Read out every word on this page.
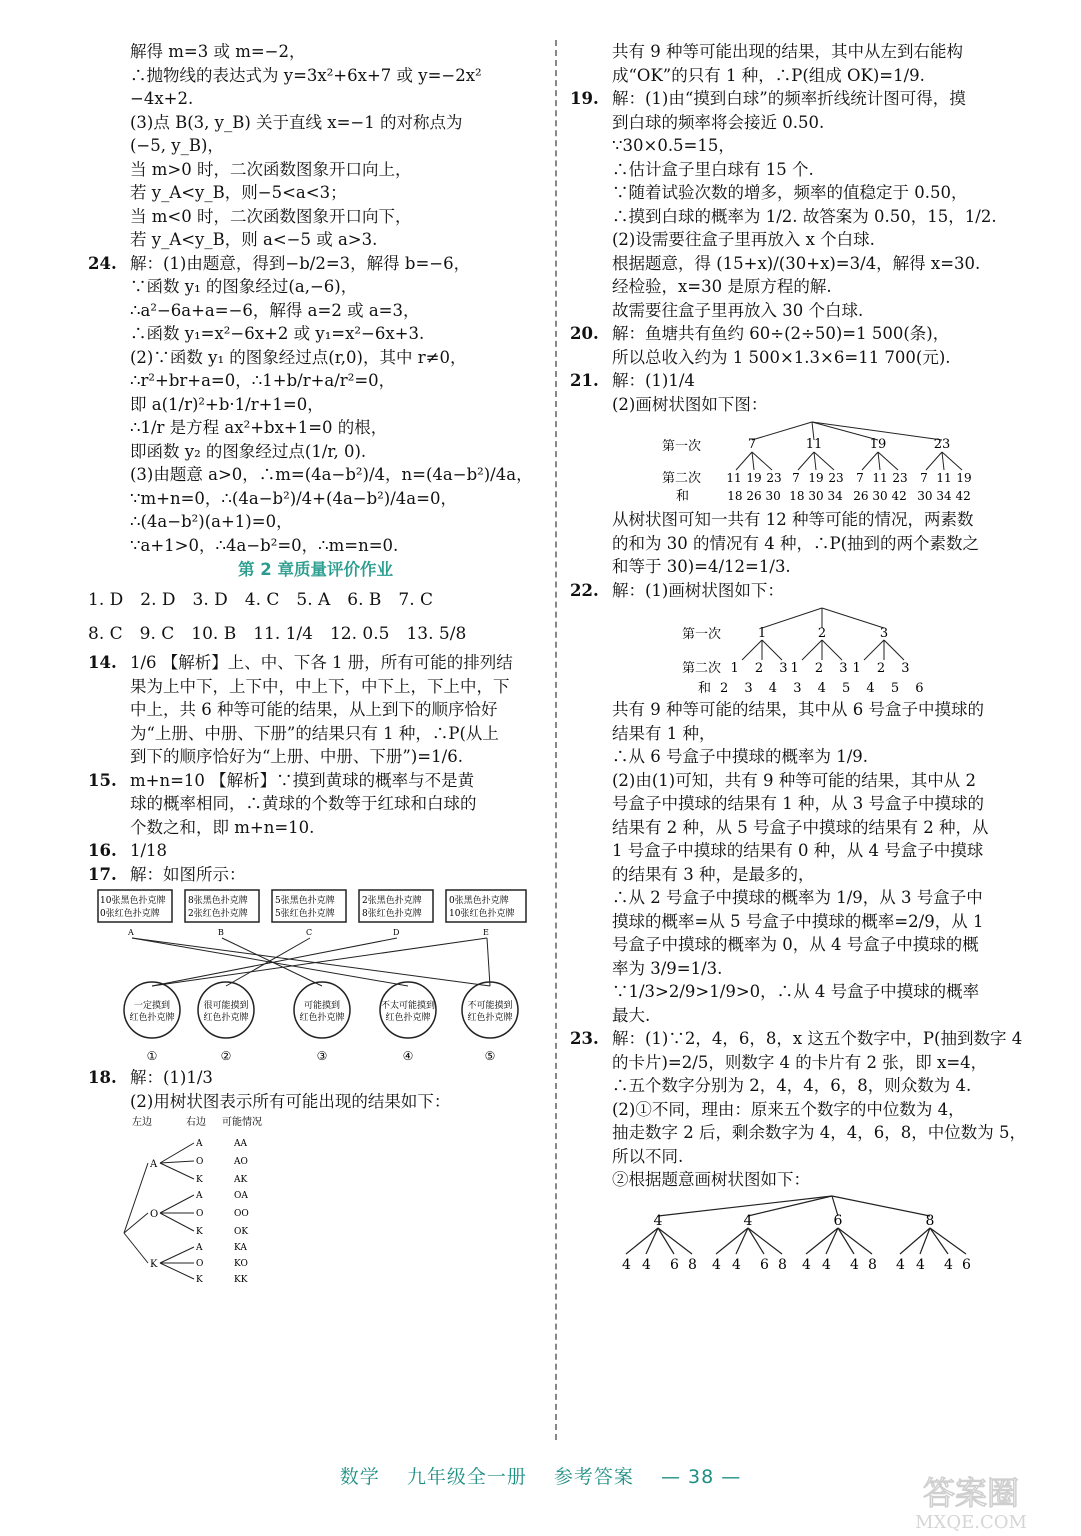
解得 m=3 或 m=−2，
∴抛物线的表达式为 y=3x²+6x+7 或 y=−2x²
−4x+2.
(3)点 B(3, y_B) 关于直线 x=−1 的对称点为
(−5, y_B)，
当 m>0 时，二次函数图象开口向上，
若 y_A<y_B，则−5<a<3；
当 m<0 时，二次函数图象开口向下，
若 y_A<y_B，则 a<−5 或 a>3.
24. 解：(1)由题意，得到−b/2=3，解得 b=−6，
∵函数 y₁ 的图象经过(a,−6)，
∴a²−6a+a=−6，解得 a=2 或 a=3，
∴函数 y₁=x²−6x+2 或 y₁=x²−6x+3.
(2)∵函数 y₁ 的图象经过点(r,0)，其中 r≠0，
∴r²+br+a=0，∴1+b/r+a/r²=0，
即 a(1/r)²+b·1/r+1=0，
∴1/r 是方程 ax²+bx+1=0 的根，
即函数 y₂ 的图象经过点(1/r, 0).
(3)由题意 a>0，∴m=(4a−b²)/4，n=(4a−b²)/4a，
∵m+n=0，∴(4a−b²)/4+(4a−b²)/4a=0，
∴(4a−b²)(a+1)=0，
∵a+1>0，∴4a−b²=0，∴m=n=0.
第 2 章质量评价作业
1. D　2. D　3. D　4. C　5. A　6. B　7. C
8. C　9. C　10. B　11. 1/4　12. 0.5　13. 5/8
14. 1/6 【解析】上、中、下各 1 册，所有可能的排列结
果为上中下，上下中，中上下，中下上，下上中，下
中上，共 6 种等可能的结果，从上到下的顺序恰好
为“上册、中册、下册”的结果只有 1 种，∴P(从上
到下的顺序恰好为“上册、中册、下册”)=1/6.
15. m+n=10 【解析】∵摸到黄球的概率与不是黄
球的概率相同，∴黄球的个数等于红球和白球的
个数之和，即 m+n=10.
16. 1/18
17. 解：如图所示：
10张黑色扑克牌
0张红色扑克牌
8张黑色扑克牌
2张红色扑克牌
5张黑色扑克牌
5张红色扑克牌
2张黑色扑克牌
8张红色扑克牌
0张黑色扑克牌
10张红色扑克牌
A	B	C	D	E
一定摸到
红色扑克牌
很可能摸到
红色扑克牌
可能摸到
红色扑克牌
不太可能摸到
红色扑克牌
不可能摸到
红色扑克牌
①	②	③	④	⑤
18. 解：(1)1/3
(2)用树状图表示所有可能出现的结果如下：
左边	右边 可能情况
A
O
K
A
O
K
A
O
K
A
O
K
AA
AO
AK
OA
OO
OK
KA
KO
KK
共有 9 种等可能出现的结果，其中从左到右能构
成“OK”的只有 1 种，∴P(组成 OK)=1/9.
19. 解：(1)由“摸到白球”的频率折线统计图可得，摸
到白球的频率将会接近 0.50.
∵30×0.5=15，
∴估计盒子里白球有 15 个.
∵随着试验次数的增多，频率的值稳定于 0.50，
∴摸到白球的概率为 1/2. 故答案为 0.50，15，1/2.
(2)设需要往盒子里再放入 x 个白球.
根据题意，得 (15+x)/(30+x)=3/4，解得 x=30.
经检验，x=30 是原方程的解.
故需要往盒子里再放入 30 个白球.
20. 解：鱼塘共有鱼约 60÷(2÷50)=1 500(条)，
所以总收入约为 1 500×1.3×6=11 700(元).
21. 解：(1)1/4
(2)画树状图如下图：
第一次
第二次
和
7	11	19	23
11 19 23 7 19 23 7 11 23 7 11 19
18 26 30 18 30 34 26 30 42 30 34 42
从树状图可知一共有 12 种等可能的情况，两素数
的和为 30 的情况有 4 种，∴P(抽到的两个素数之
和等于 30)=4/12=1/3.
22. 解：(1)画树状图如下：
第一次
第二次
和
1	2	3
1 2 3
1 2 3
1 2 3
2 3 4 3 4 5 4 5 6
共有 9 种等可能的结果，其中从 6 号盒子中摸球的
结果有 1 种，
∴从 6 号盒子中摸球的概率为 1/9.
(2)由(1)可知，共有 9 种等可能的结果，其中从 2
号盒子中摸球的结果有 1 种，从 3 号盒子中摸球的
结果有 2 种，从 5 号盒子中摸球的结果有 2 种，从
1 号盒子中摸球的结果有 0 种，从 4 号盒子中摸球
的结果有 3 种，是最多的，
∴从 2 号盒子中摸球的概率为 1/9，从 3 号盒子中
摸球的概率=从 5 号盒子中摸球的概率=2/9，从 1
号盒子中摸球的概率为 0，从 4 号盒子中摸球的概
率为 3/9=1/3.
∵1/3>2/9>1/9>0，∴从 4 号盒子中摸球的概率
最大.
23. 解：(1)∵2，4，6，8，x 这五个数字中，P(抽到数字 4
的卡片)=2/5，则数字 4 的卡片有 2 张，即 x=4，
∴五个数字分别为 2，4，4，6，8，则众数为 4.
(2)①不同，理由：原来五个数字的中位数为 4，
抽走数字 2 后，剩余数字为 4，4，6，8，中位数为 5，
所以不同.
②根据题意画树状图如下：
4	4	6	8
4 4 6 8 4 4 6 8 4 4 4 8 4 4 4 6
数学 九年级全一册 参考答案 — 38 —	答案圈
MXQE.COM
